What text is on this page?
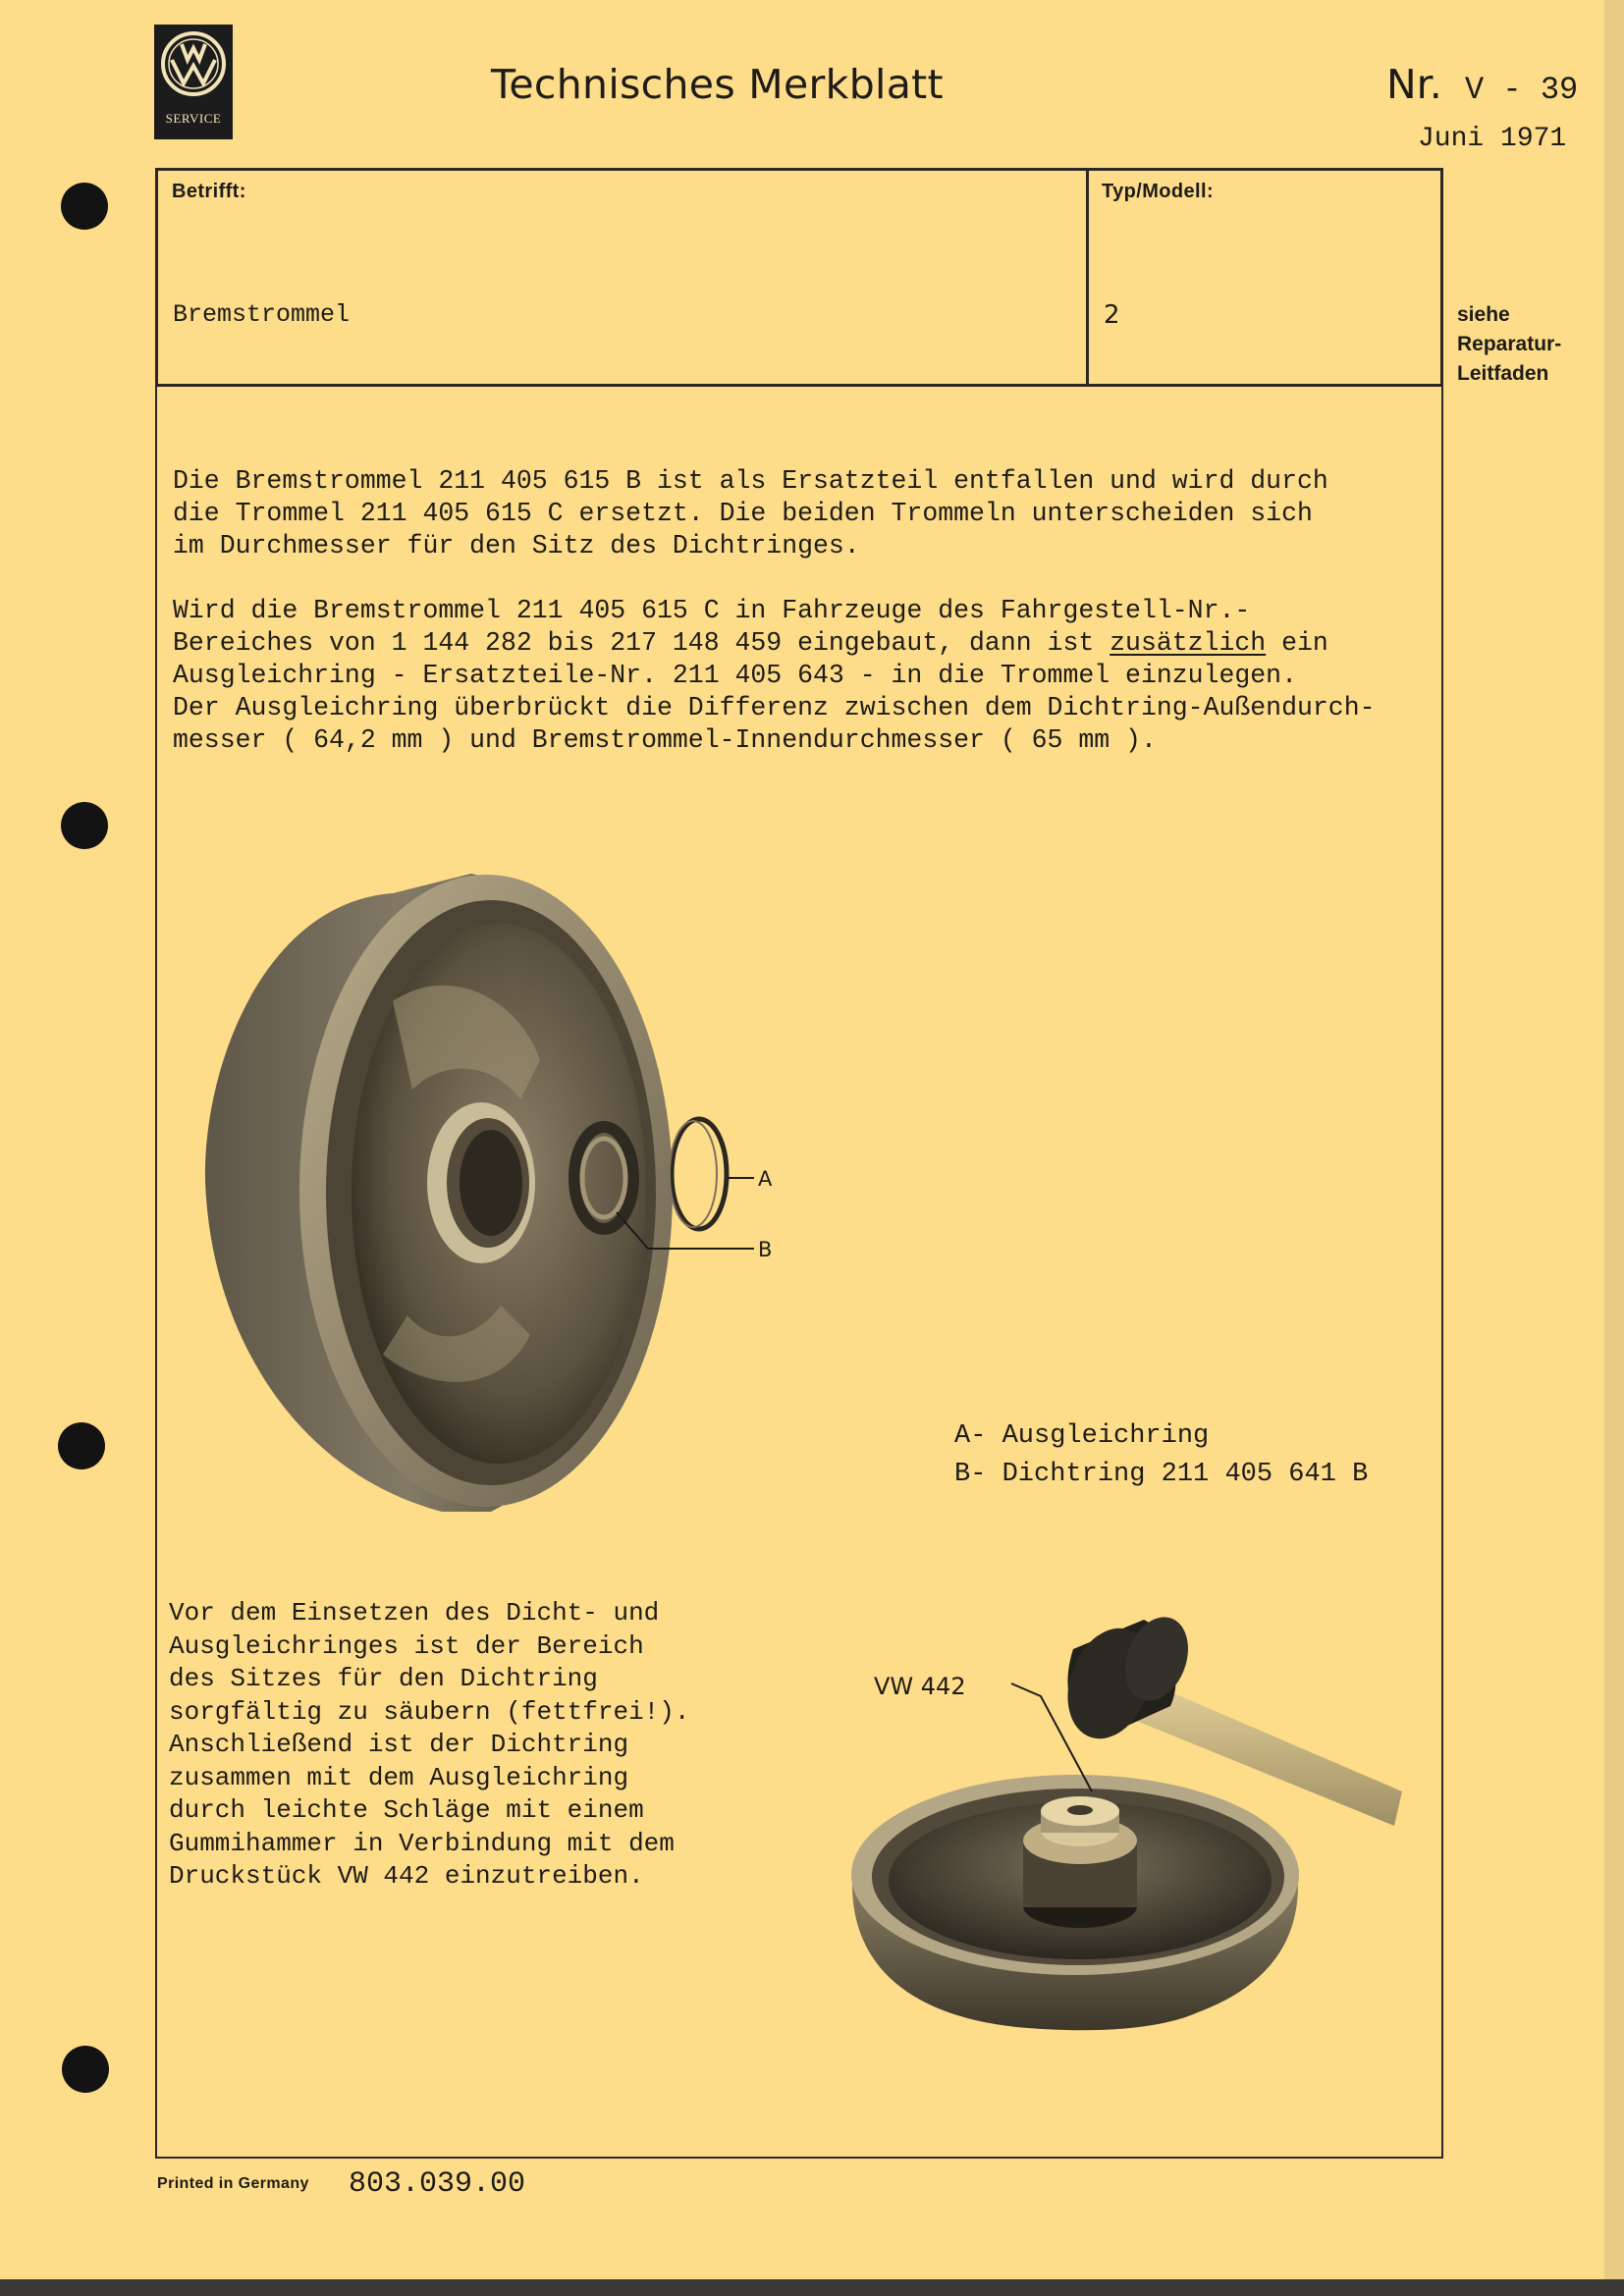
SERVICE
Technisches Merkblatt	Nr. V - 39
Juni 1971
Betrifft:	Typ/Modell:
Bremstrommel	2	siehe
Reparatur-
Leitfaden
Die Bremstrommel 211 405 615 B ist als Ersatzteil entfallen und wird durch
die Trommel 211 405 615 C ersetzt. Die beiden Trommeln unterscheiden sich
im Durchmesser für den Sitz des Dichtringes.
Wird die Bremstrommel 211 405 615 C in Fahrzeuge des Fahrgestell-Nr.-
Bereiches von 1 144 282 bis 217 148 459 eingebaut, dann ist zusätzlich ein
Ausgleichring - Ersatzteile-Nr. 211 405 643 - in die Trommel einzulegen.
Der Ausgleichring überbrückt die Differenz zwischen dem Dichtring-Außendurch-
messer ( 64,2 mm ) und Bremstrommel-Innendurchmesser ( 65 mm ).
A
B
A- Ausgleichring
B- Dichtring 211 405 641 B
Vor dem Einsetzen des Dicht- und
Ausgleichringes ist der Bereich
des Sitzes für den Dichtring
sorgfältig zu säubern (fettfrei!).
Anschließend ist der Dichtring
zusammen mit dem Ausgleichring
durch leichte Schläge mit einem
Gummihammer in Verbindung mit dem
Druckstück VW 442 einzutreiben.
VW 442
Printed in Germany 803.039.00
